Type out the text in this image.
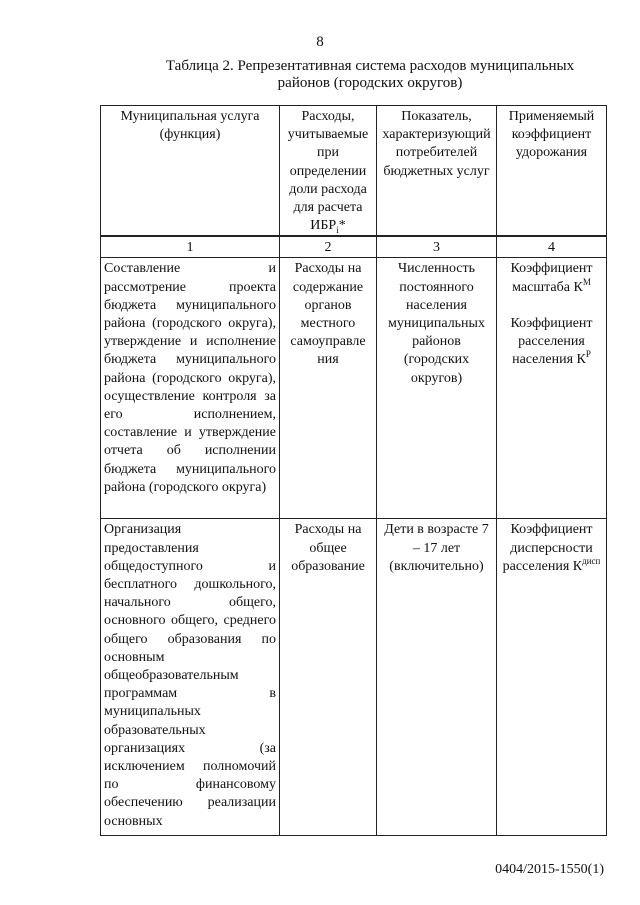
8
Таблица 2. Репрезентативная система расходов муниципальных
районов (городских округов)
Муниципальная услуга (функция)	Расходы, учитываемые при определении доли расхода для расчета $ИБР_i*$	Показатель, характеризующий потребителей бюджетных услуг	Применяемый коэффициент удорожания
1	2	3	4
Составление и рассмотрение проекта бюджета муниципального района (городского округа), утверждение и исполнение бюджета муниципального района (городского округа), осуществление контроля за его исполнением, составление и утверждение отчета об исполнении бюджета муниципального района (городского округа)	Расходы на содержание органов местного самоуправле ния	Численность постоянного населения муниципальных районов (городских округов)	Коэффициент масштаба $К^М$
Коэффициент расселения населения $К^Р$
Организация предоставления общедоступного и бесплатного дошкольного, начального общего, основного общего, среднего общего образования по основным общеобразовательным программам в муниципальных образовательных организациях (за исключением полномочий по финансовому обеспечению реализации основных	Расходы на общее образование	Дети в возрасте 7 – 17 лет (включительно)	Коэффициент дисперсности расселения $К^{дисп}$
0404/2015-1550(1)
